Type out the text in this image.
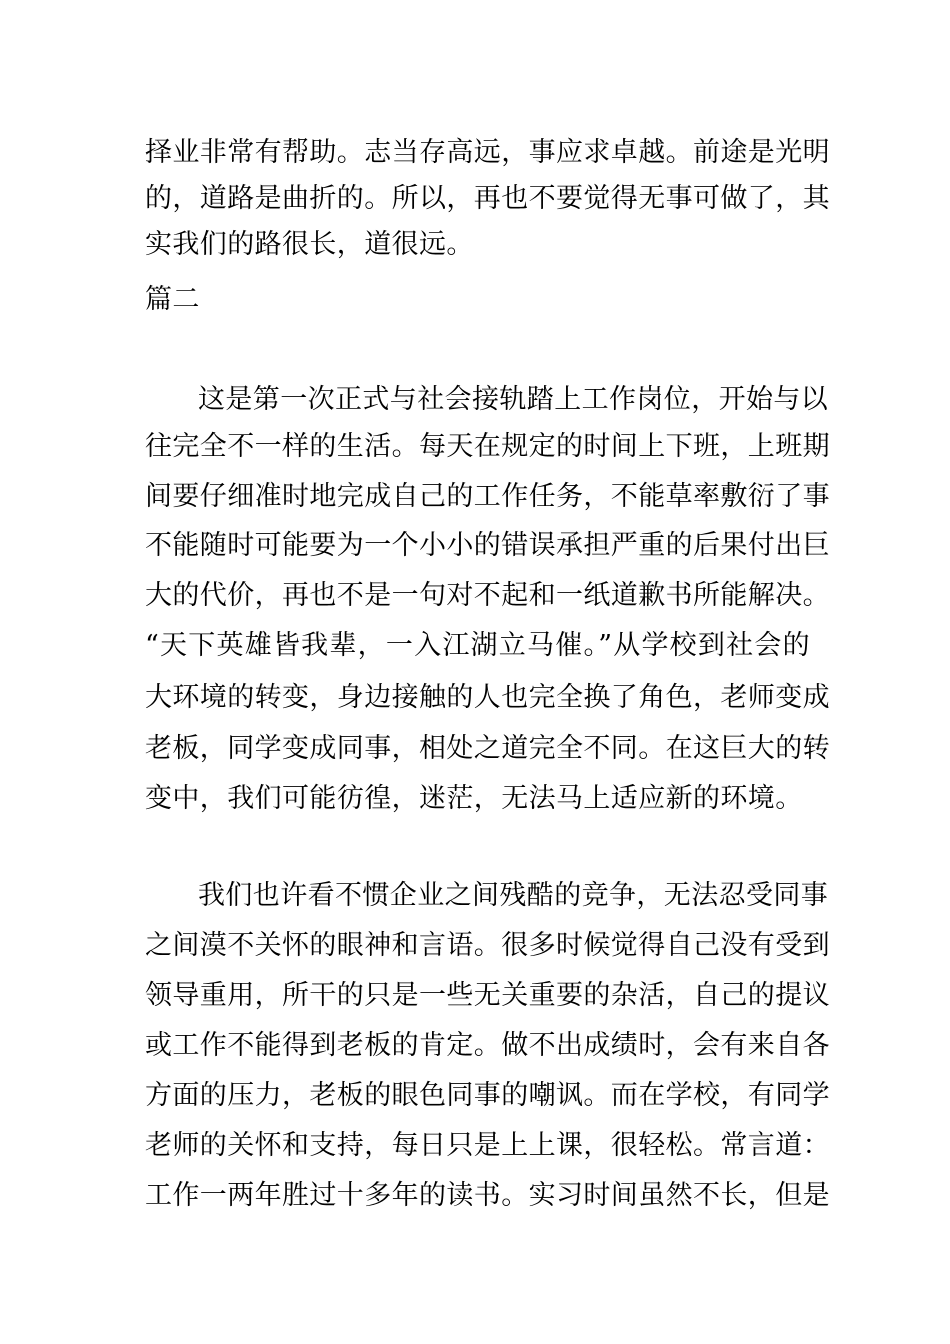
择业非常有帮助。志当存高远，事应求卓越。前途是光明
的，道路是曲折的。所以，再也不要觉得无事可做了，其
实我们的路很长，道很远。
篇二
这是第一次正式与社会接轨踏上工作岗位，开始与以
往完全不一样的生活。每天在规定的时间上下班，上班期
间要仔细准时地完成自己的工作任务，不能草率敷衍了事
不能随时可能要为一个小小的错误承担严重的后果付出巨
大的代价，再也不是一句对不起和一纸道歉书所能解决。
“天下英雄皆我辈，一入江湖立马催。”从学校到社会的
大环境的转变，身边接触的人也完全换了角色，老师变成
老板，同学变成同事，相处之道完全不同。在这巨大的转
变中，我们可能彷徨，迷茫，无法马上适应新的环境。
我们也许看不惯企业之间残酷的竞争，无法忍受同事
之间漠不关怀的眼神和言语。很多时候觉得自己没有受到
领导重用，所干的只是一些无关重要的杂活，自己的提议
或工作不能得到老板的肯定。做不出成绩时，会有来自各
方面的压力，老板的眼色同事的嘲讽。而在学校，有同学
老师的关怀和支持，每日只是上上课，很轻松。常言道：
工作一两年胜过十多年的读书。实习时间虽然不长，但是
